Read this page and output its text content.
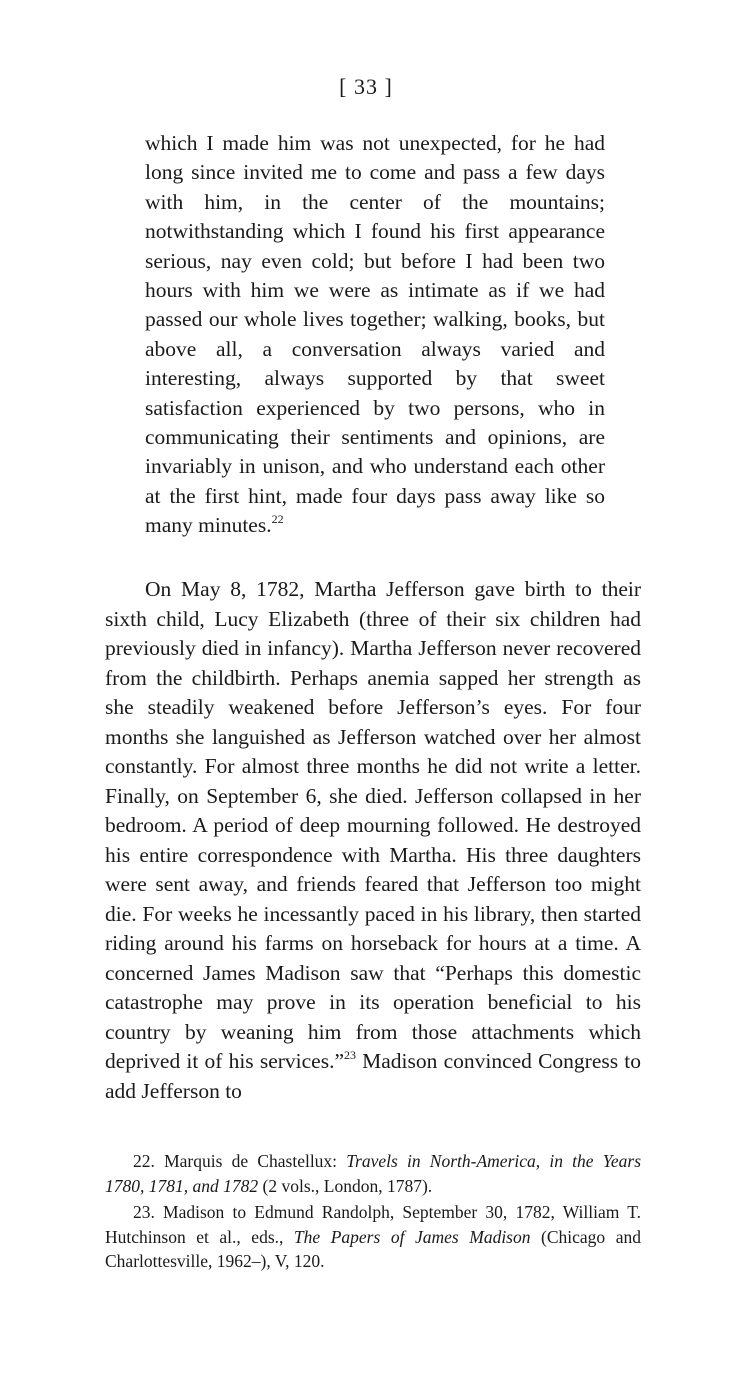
[ 33 ]
which I made him was not unexpected, for he had long since invited me to come and pass a few days with him, in the center of the mountains; notwithstanding which I found his first appearance serious, nay even cold; but before I had been two hours with him we were as intimate as if we had passed our whole lives together; walking, books, but above all, a conversation always varied and interesting, always supported by that sweet satisfaction experienced by two persons, who in communicating their sentiments and opinions, are invariably in unison, and who understand each other at the first hint, made four days pass away like so many minutes.$^{22}$
On May 8, 1782, Martha Jefferson gave birth to their sixth child, Lucy Elizabeth (three of their six children had previously died in infancy). Martha Jefferson never recovered from the childbirth. Perhaps anemia sapped her strength as she steadily weakened before Jefferson’s eyes. For four months she languished as Jefferson watched over her almost constantly. For almost three months he did not write a letter. Finally, on September 6, she died. Jefferson collapsed in her bedroom. A period of deep mourning followed. He destroyed his entire correspondence with Martha. His three daughters were sent away, and friends feared that Jefferson too might die. For weeks he incessantly paced in his library, then started riding around his farms on horseback for hours at a time. A concerned James Madison saw that “Perhaps this domestic catastrophe may prove in its operation beneficial to his country by weaning him from those attachments which deprived it of his services.”$^{23}$ Madison convinced Congress to add Jefferson to

22. Marquis de Chastellux: Travels in North-America, in the Years 1780, 1781, and 1782 (2 vols., London, 1787).

23. Madison to Edmund Randolph, September 30, 1782, William T. Hutchinson et al., eds., The Papers of James Madison (Chicago and Charlottesville, 1962–), V, 120.
